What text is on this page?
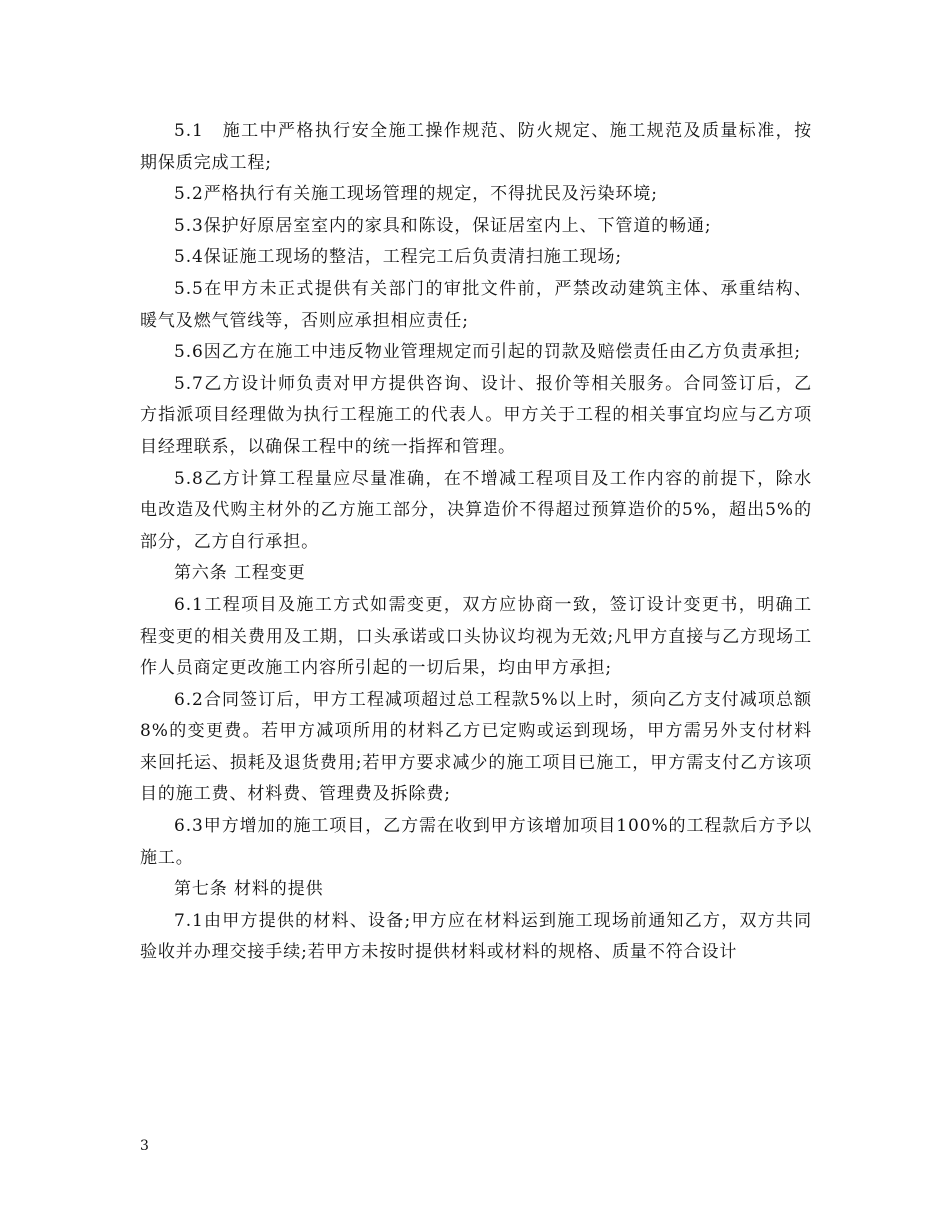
5.1　施工中严格执行安全施工操作规范、防火规定、施工规范及质量标准，按期保质完成工程;

5.2严格执行有关施工现场管理的规定，不得扰民及污染环境;

5.3保护好原居室室内的家具和陈设，保证居室内上、下管道的畅通;

5.4保证施工现场的整洁，工程完工后负责清扫施工现场;

5.5在甲方未正式提供有关部门的审批文件前，严禁改动建筑主体、承重结构、暖气及燃气管线等，否则应承担相应责任;

5.6因乙方在施工中违反物业管理规定而引起的罚款及赔偿责任由乙方负责承担;

5.7乙方设计师负责对甲方提供咨询、设计、报价等相关服务。合同签订后，乙方指派项目经理做为执行工程施工的代表人。甲方关于工程的相关事宜均应与乙方项目经理联系，以确保工程中的统一指挥和管理。

5.8乙方计算工程量应尽量准确，在不增减工程项目及工作内容的前提下，除水电改造及代购主材外的乙方施工部分，决算造价不得超过预算造价的5%，超出5%的部分，乙方自行承担。

第六条 工程变更

6.1工程项目及施工方式如需变更，双方应协商一致，签订设计变更书，明确工程变更的相关费用及工期，口头承诺或口头协议均视为无效;凡甲方直接与乙方现场工作人员商定更改施工内容所引起的一切后果，均由甲方承担;

6.2合同签订后，甲方工程减项超过总工程款5%以上时，须向乙方支付减项总额8%的变更费。若甲方减项所用的材料乙方已定购或运到现场，甲方需另外支付材料来回托运、损耗及退货费用;若甲方要求减少的施工项目已施工，甲方需支付乙方该项目的施工费、材料费、管理费及拆除费;

6.3甲方增加的施工项目，乙方需在收到甲方该增加项目100%的工程款后方予以施工。

第七条 材料的提供

7.1由甲方提供的材料、设备;甲方应在材料运到施工现场前通知乙方，双方共同验收并办理交接手续;若甲方未按时提供材料或材料的规格、质量不符合设计

3
